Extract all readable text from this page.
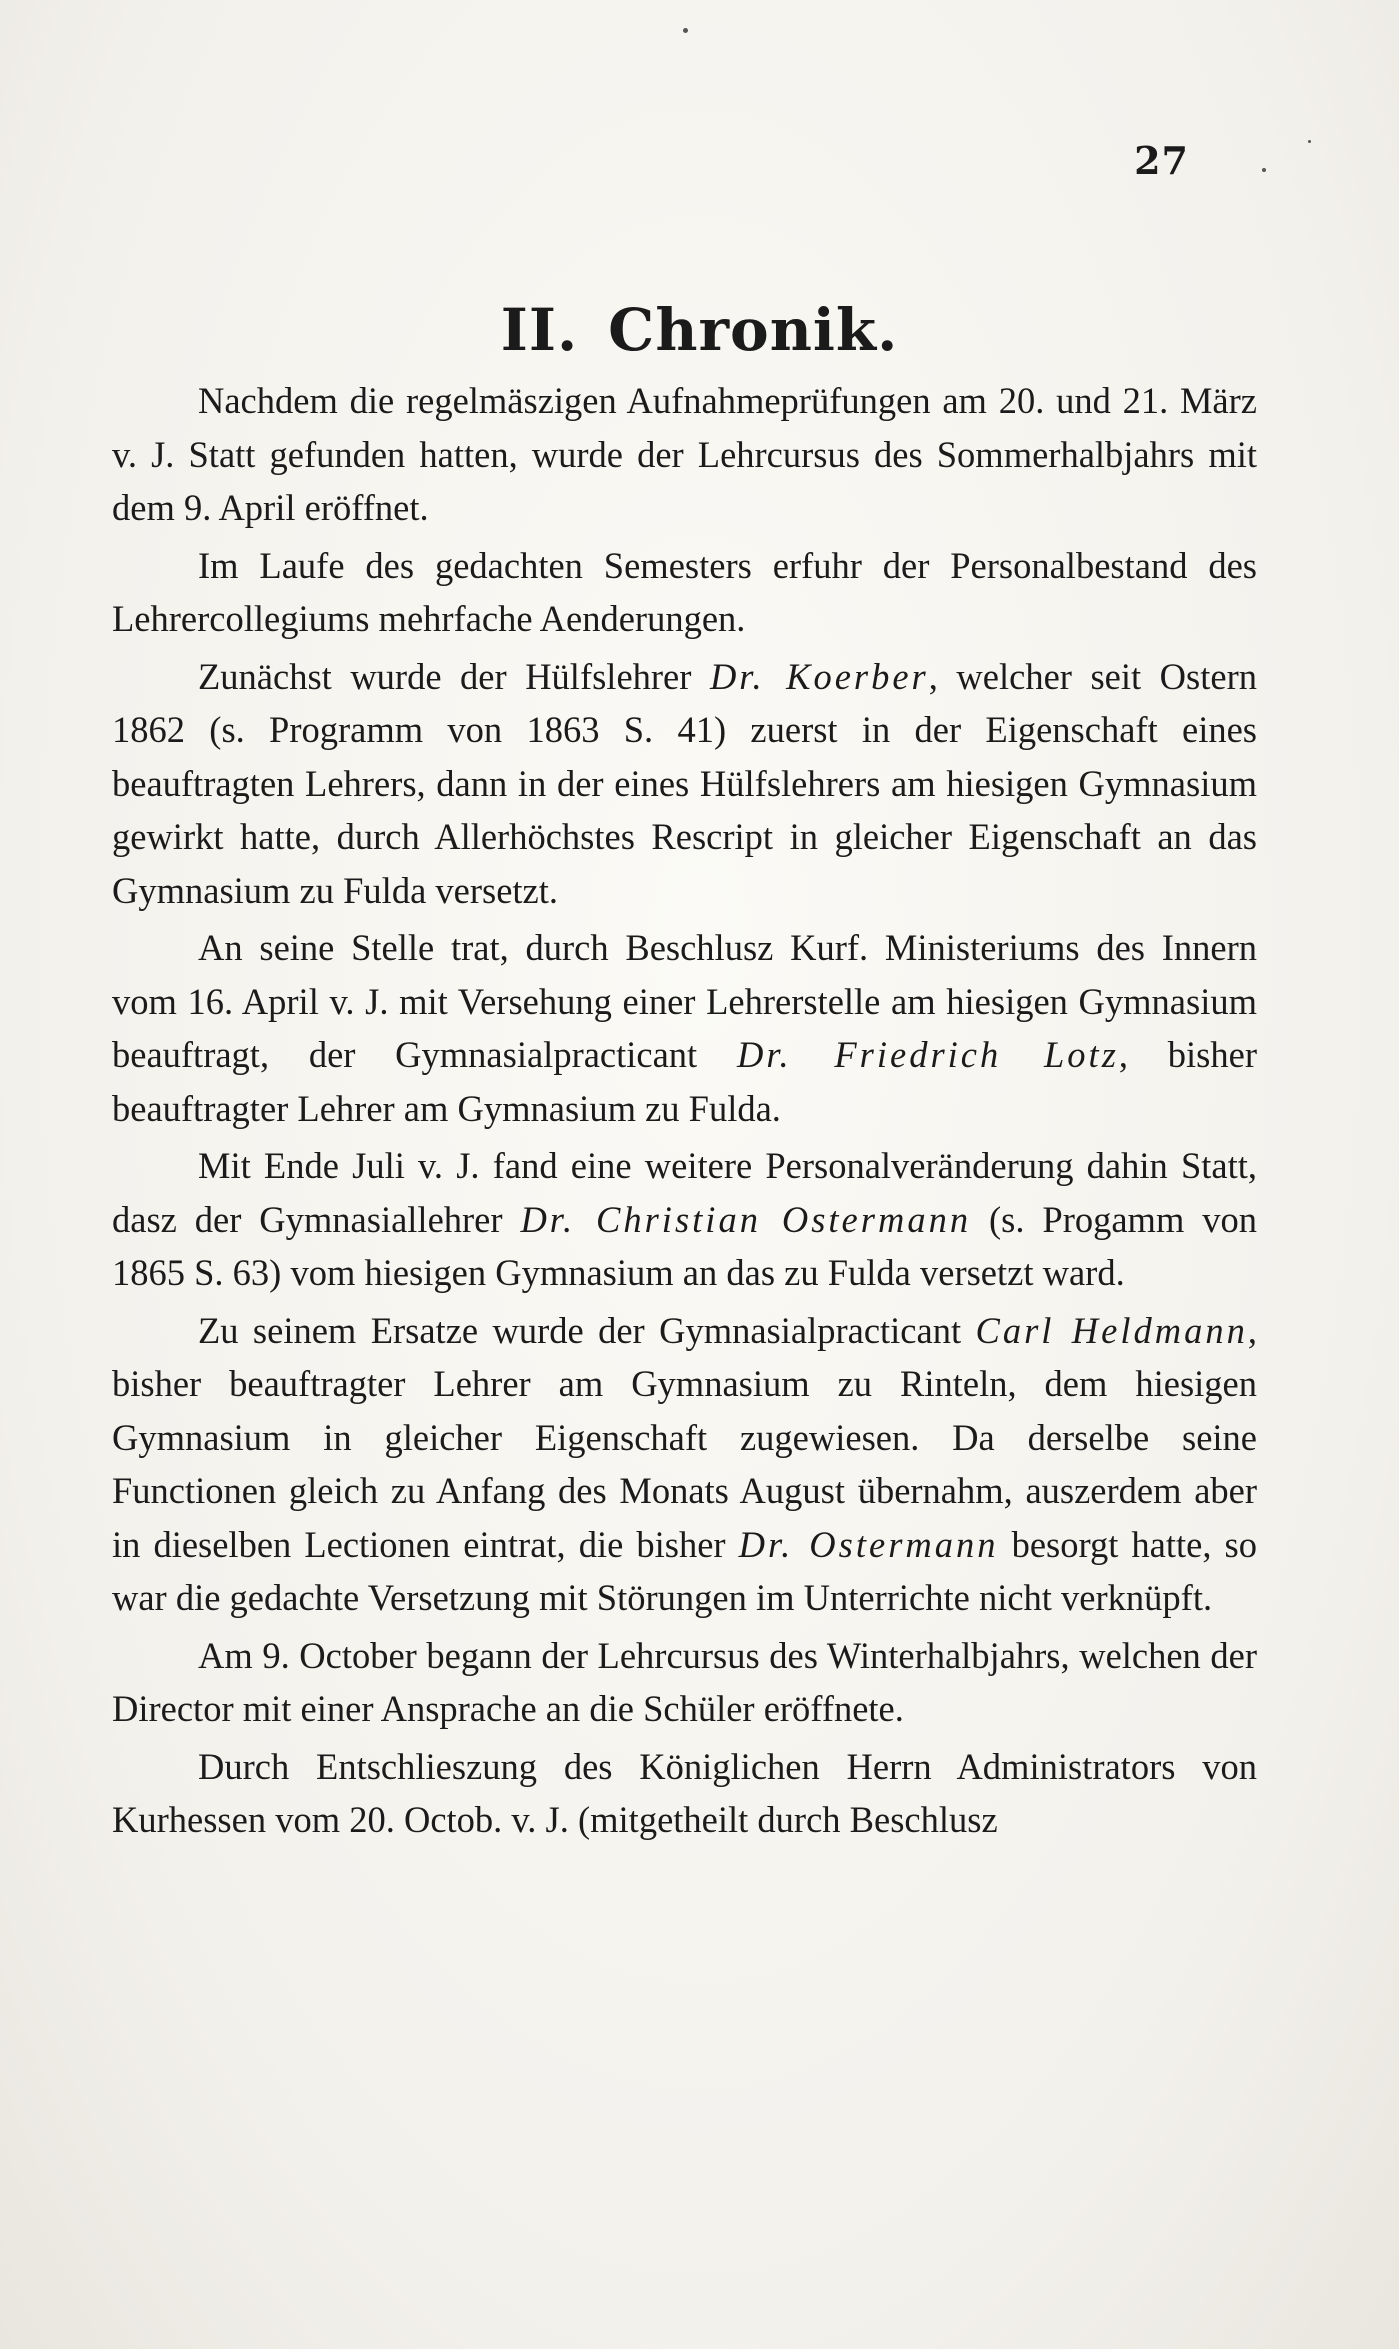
27
II. Chronik.

Nachdem die regelmäszigen Aufnahmeprüfungen am 20. und 21. März v. J. Statt gefunden hatten, wurde der Lehrcursus des Sommerhalbjahrs mit dem 9. April eröffnet.

Im Laufe des gedachten Semesters erfuhr der Personalbestand des Lehrercollegiums mehrfache Aenderungen.

Zunächst wurde der Hülfslehrer Dr. Koerber, welcher seit Ostern 1862 (s. Programm von 1863 S. 41) zuerst in der Eigenschaft eines beauftragten Lehrers, dann in der eines Hülfslehrers am hiesigen Gymnasium gewirkt hatte, durch Allerhöchstes Rescript in gleicher Eigenschaft an das Gymnasium zu Fulda versetzt.

An seine Stelle trat, durch Beschlusz Kurf. Ministeriums des Innern vom 16. April v. J. mit Versehung einer Lehrerstelle am hiesigen Gymnasium beauftragt, der Gymnasialpracticant Dr. Friedrich Lotz, bisher beauftragter Lehrer am Gymnasium zu Fulda.

Mit Ende Juli v. J. fand eine weitere Personalveränderung dahin Statt, dasz der Gymnasiallehrer Dr. Christian Ostermann (s. Progamm von 1865 S. 63) vom hiesigen Gymnasium an das zu Fulda versetzt ward.

Zu seinem Ersatze wurde der Gymnasialpracticant Carl Heldmann, bisher beauftragter Lehrer am Gymnasium zu Rinteln, dem hiesigen Gymnasium in gleicher Eigenschaft zugewiesen. Da derselbe seine Functionen gleich zu Anfang des Monats August übernahm, auszerdem aber in dieselben Lectionen eintrat, die bisher Dr. Ostermann besorgt hatte, so war die gedachte Versetzung mit Störungen im Unterrichte nicht verknüpft.

Am 9. October begann der Lehrcursus des Winterhalbjahrs, welchen der Director mit einer Ansprache an die Schüler eröffnete.

Durch Entschlieszung des Königlichen Herrn Administrators von Kurhessen vom 20. Octob. v. J. (mitgetheilt durch Beschlusz
